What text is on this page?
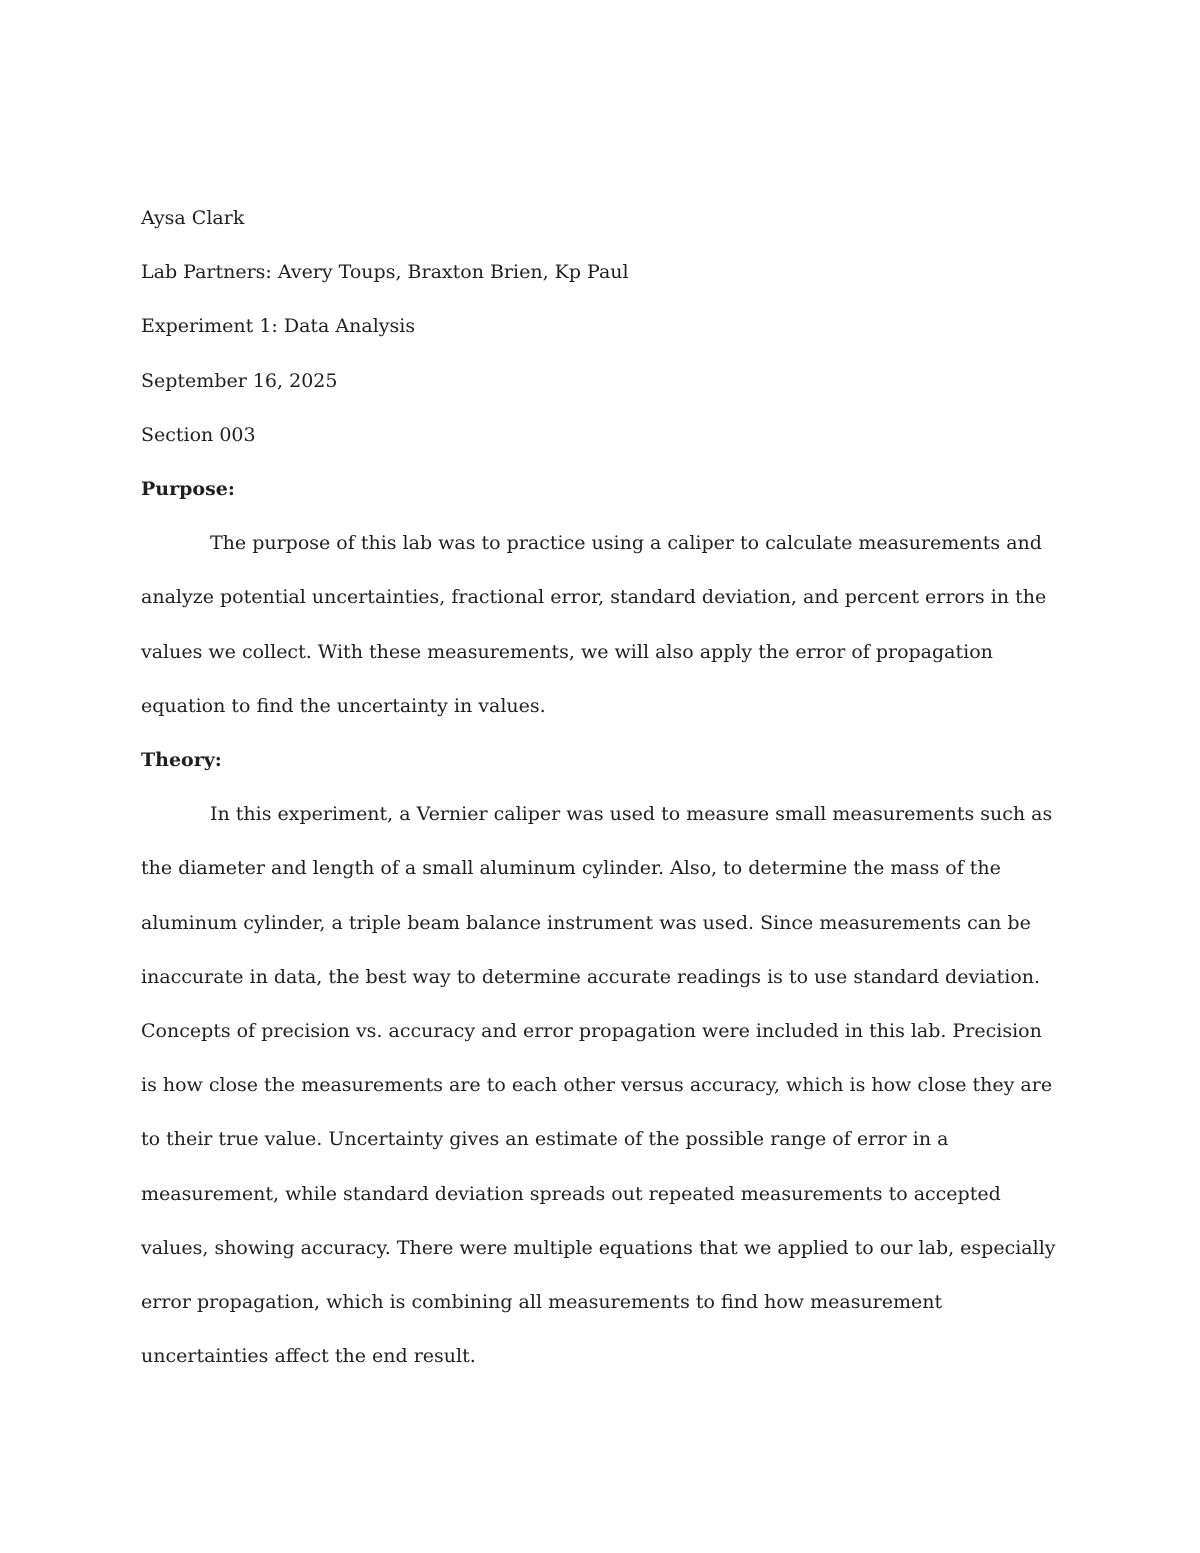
Aysa Clark

Lab Partners: Avery Toups, Braxton Brien, Kp Paul

Experiment 1: Data Analysis

September 16, 2025

Section 003

Purpose:

The purpose of this lab was to practice using a caliper to calculate measurements and analyze potential uncertainties, fractional error, standard deviation, and percent errors in the values we collect. With these measurements, we will also apply the error of propagation equation to find the uncertainty in values.

Theory:

In this experiment, a Vernier caliper was used to measure small measurements such as the diameter and length of a small aluminum cylinder. Also, to determine the mass of the aluminum cylinder, a triple beam balance instrument was used. Since measurements can be inaccurate in data, the best way to determine accurate readings is to use standard deviation. Concepts of precision vs. accuracy and error propagation were included in this lab. Precision is how close the measurements are to each other versus accuracy, which is how close they are to their true value. Uncertainty gives an estimate of the possible range of error in a measurement, while standard deviation spreads out repeated measurements to accepted values, showing accuracy. There were multiple equations that we applied to our lab, especially error propagation, which is combining all measurements to find how measurement uncertainties affect the end result.
